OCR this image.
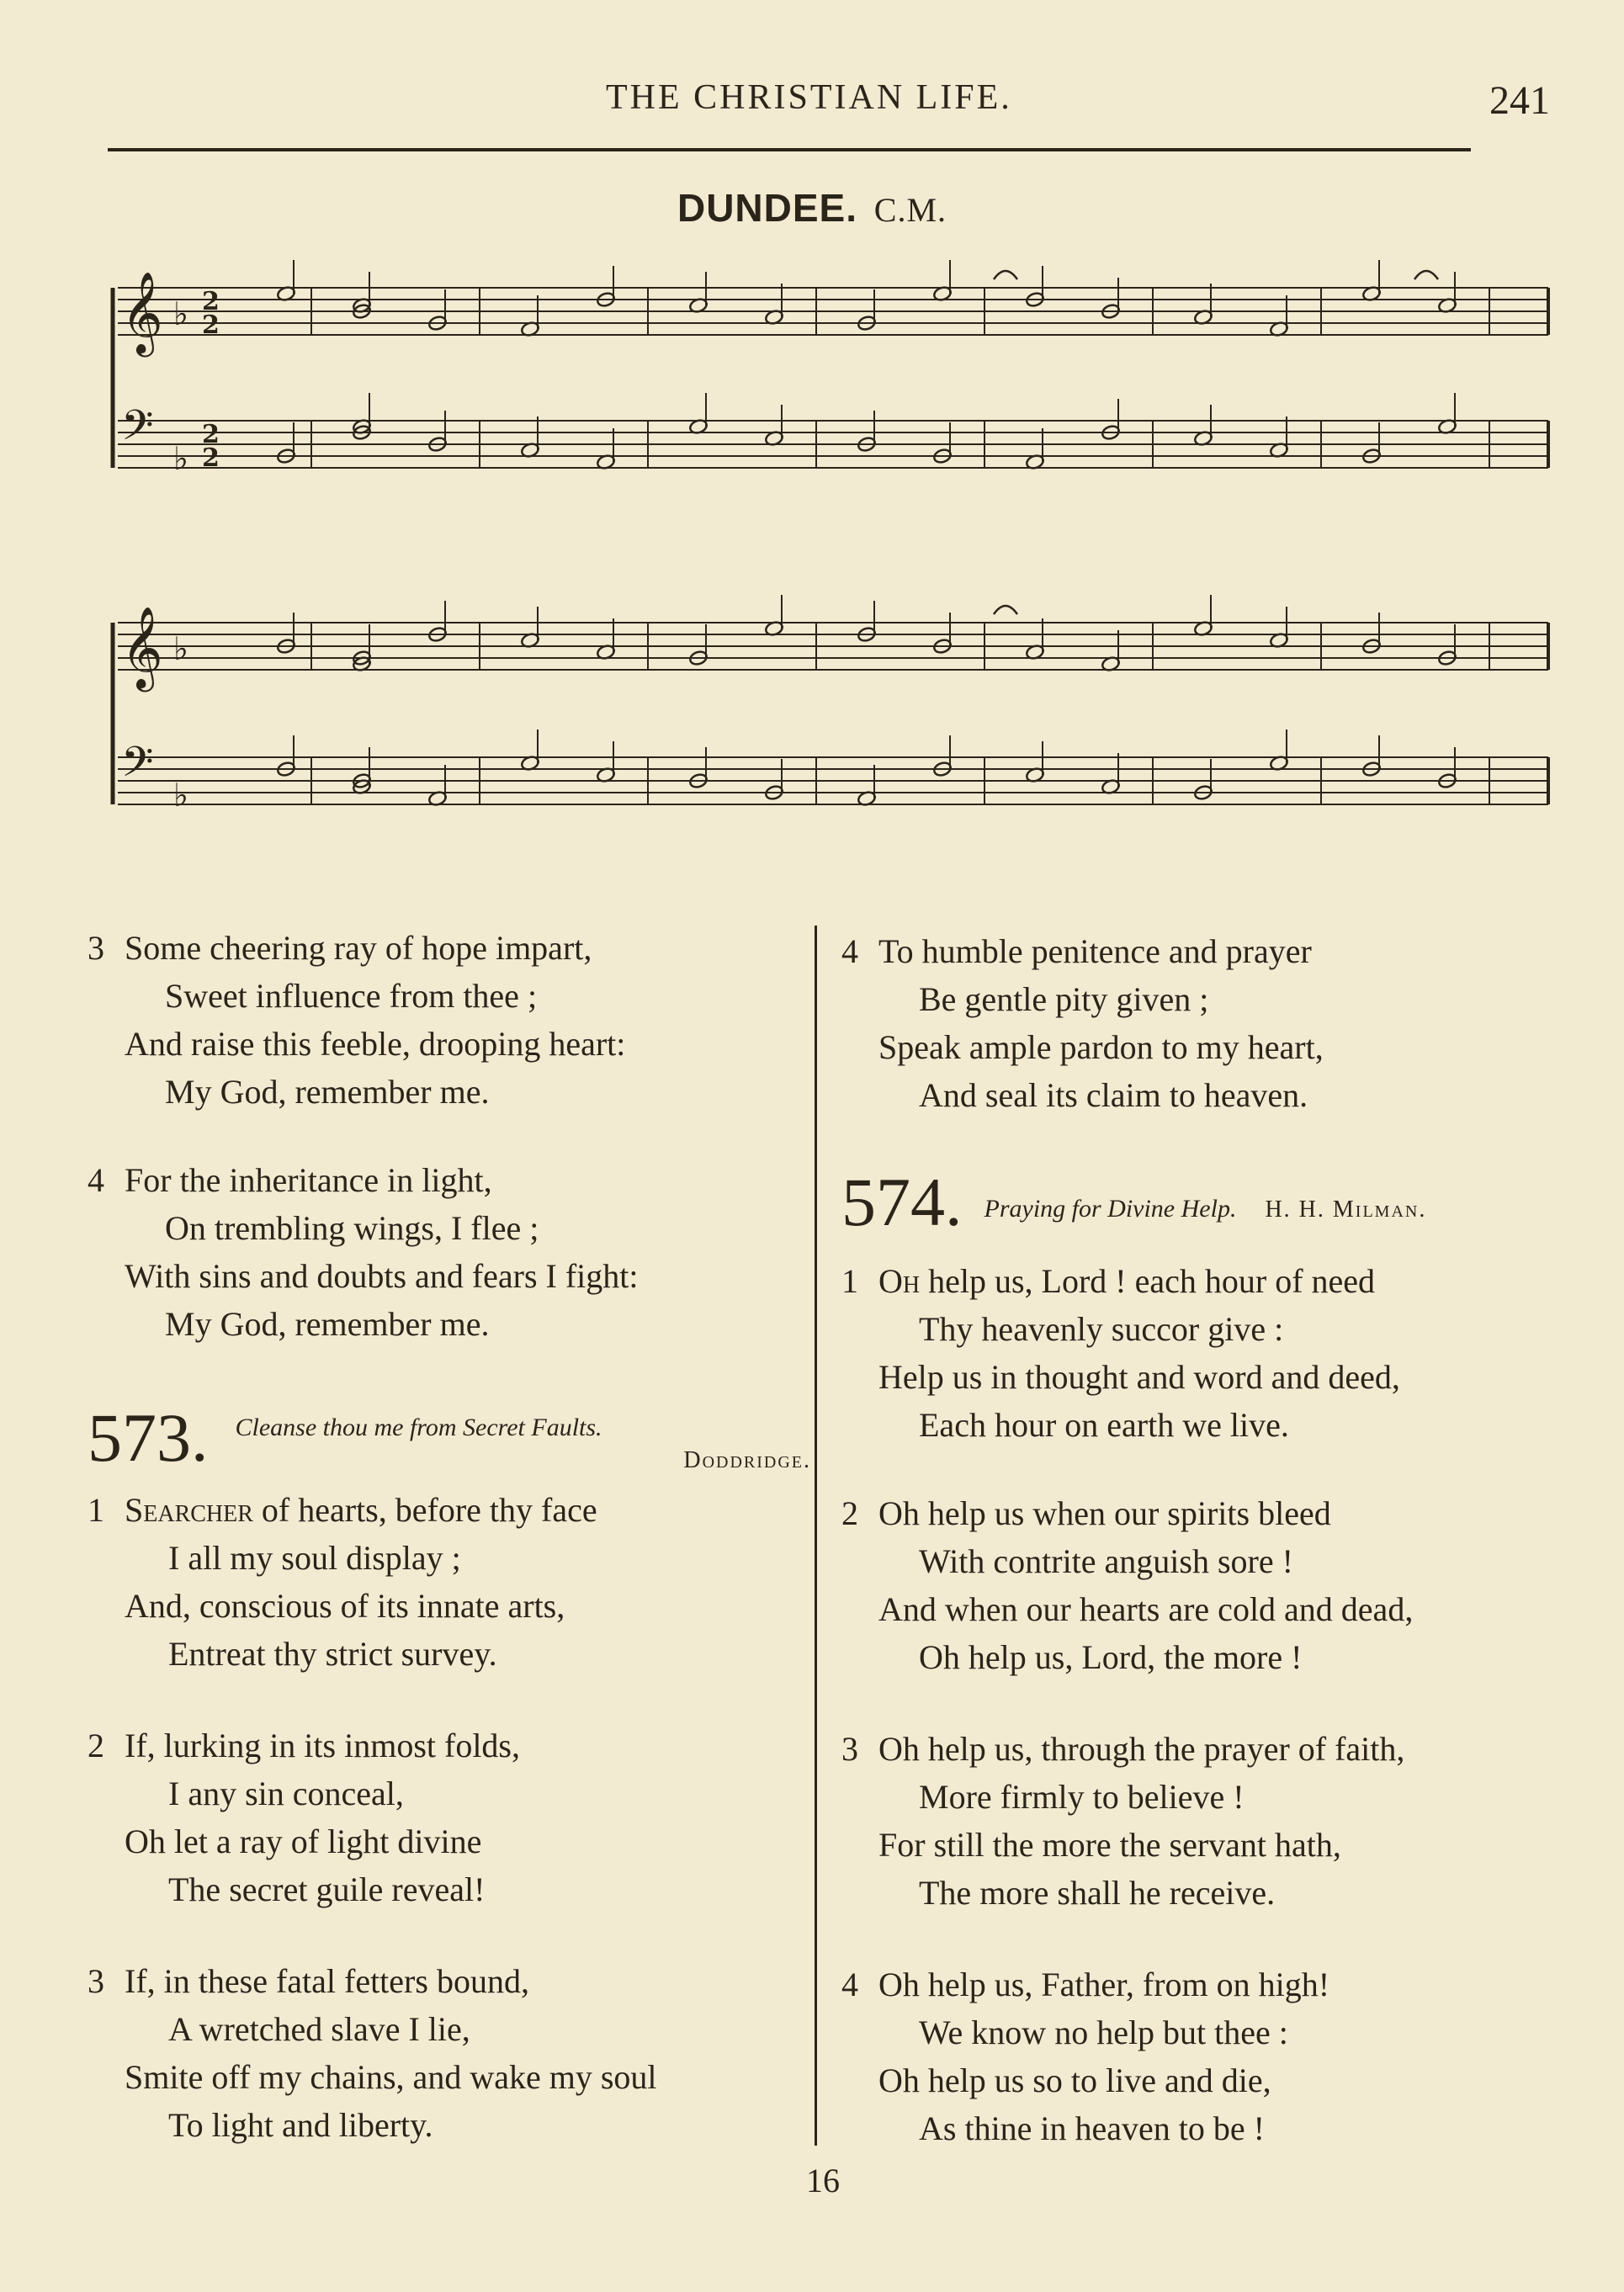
THE CHRISTIAN LIFE.	241
DUNDEE. C.M.
𝄞 ♭ 2
2
𝄢 ♭
2
2
𝄞 ♭
𝄢 ♭
3 Some cheering ray of hope impart,
Sweet influence from thee ;
And raise this feeble, drooping heart:
My God, remember me.
4 For the inheritance in light,
On trembling wings, I flee ;
With sins and doubts and fears I fight:
My God, remember me.
573. Cleanse thou me from Secret Faults.
Doddridge.
1 Searcher of hearts, before thy face
I all my soul display ;
And, conscious of its innate arts,
Entreat thy strict survey.
2 If, lurking in its inmost folds,
I any sin conceal,
Oh let a ray of light divine
The secret guile reveal!
3 If, in these fatal fetters bound,
A wretched slave I lie,
Smite off my chains, and wake my soul
To light and liberty.
4 To humble penitence and prayer
Be gentle pity given ;
Speak ample pardon to my heart,
And seal its claim to heaven.
574. Praying for Divine Help. H. H. Milman.
1 Oh help us, Lord ! each hour of need
Thy heavenly succor give :
Help us in thought and word and deed,
Each hour on earth we live.
2 Oh help us when our spirits bleed
With contrite anguish sore !
And when our hearts are cold and dead,
Oh help us, Lord, the more !
3 Oh help us, through the prayer of faith,
More firmly to believe !
For still the more the servant hath,
The more shall he receive.
4 Oh help us, Father, from on high!
We know no help but thee :
Oh help us so to live and die,
As thine in heaven to be !
16
